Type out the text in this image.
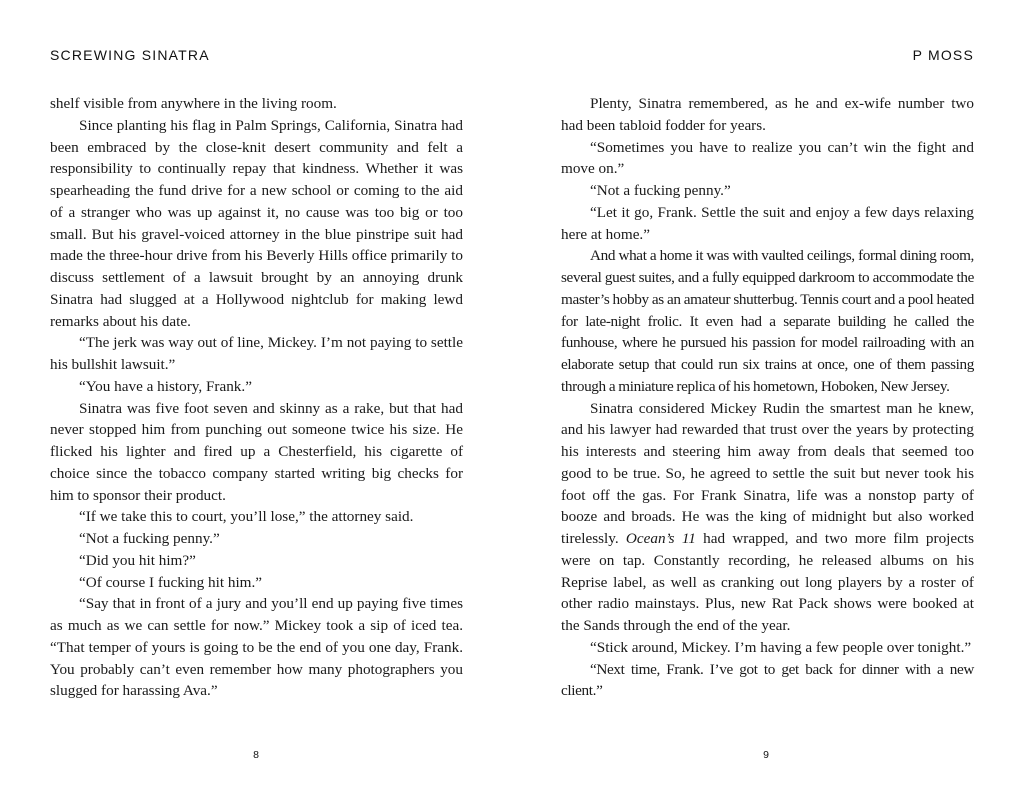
SCREWING SINATRA

shelf visible from anywhere in the living room.

Since planting his flag in Palm Springs, California, Sinatra had been embraced by the close-knit desert community and felt a responsibility to continually repay that kindness. Whether it was spearheading the fund drive for a new school or coming to the aid of a stranger who was up against it, no cause was too big or too small. But his gravel-voiced attorney in the blue pinstripe suit had made the three-hour drive from his Beverly Hills office primarily to discuss settlement of a lawsuit brought by an annoying drunk Sinatra had slugged at a Hollywood nightclub for making lewd remarks about his date.

“The jerk was way out of line, Mickey. I’m not paying to settle his bullshit lawsuit.”

“You have a history, Frank.”

Sinatra was five foot seven and skinny as a rake, but that had never stopped him from punching out someone twice his size. He flicked his lighter and fired up a Chesterfield, his cigarette of choice since the tobacco company started writing big checks for him to sponsor their product.

“If we take this to court, you’ll lose,” the attorney said.

“Not a fucking penny.”

“Did you hit him?”

“Of course I fucking hit him.”

“Say that in front of a jury and you’ll end up paying five times as much as we can settle for now.” Mickey took a sip of iced tea. “That temper of yours is going to be the end of you one day, Frank. You probably can’t even remember how many photographers you slugged for harassing Ava.”

8
P MOSS

Plenty, Sinatra remembered, as he and ex-wife number two had been tabloid fodder for years.

“Sometimes you have to realize you can’t win the fight and move on.”

“Not a fucking penny.”

“Let it go, Frank. Settle the suit and enjoy a few days relaxing here at home.”

And what a home it was with vaulted ceilings, formal dining room, several guest suites, and a fully equipped darkroom to accommodate the master’s hobby as an amateur shutterbug. Tennis court and a pool heated for late-night frolic. It even had a separate building he called the funhouse, where he pursued his passion for model railroading with an elaborate setup that could run six trains at once, one of them passing through a miniature replica of his hometown, Hoboken, New Jersey.

Sinatra considered Mickey Rudin the smartest man he knew, and his lawyer had rewarded that trust over the years by protecting his interests and steering him away from deals that seemed too good to be true. So, he agreed to settle the suit but never took his foot off the gas. For Frank Sinatra, life was a nonstop party of booze and broads. He was the king of midnight but also worked tirelessly. Ocean’s 11 had wrapped, and two more film projects were on tap. Constantly recording, he released albums on his Reprise label, as well as cranking out long players by a roster of other radio mainstays. Plus, new Rat Pack shows were booked at the Sands through the end of the year.

“Stick around, Mickey. I’m having a few people over tonight.”

“Next time, Frank. I’ve got to get back for dinner with a new client.”

9
